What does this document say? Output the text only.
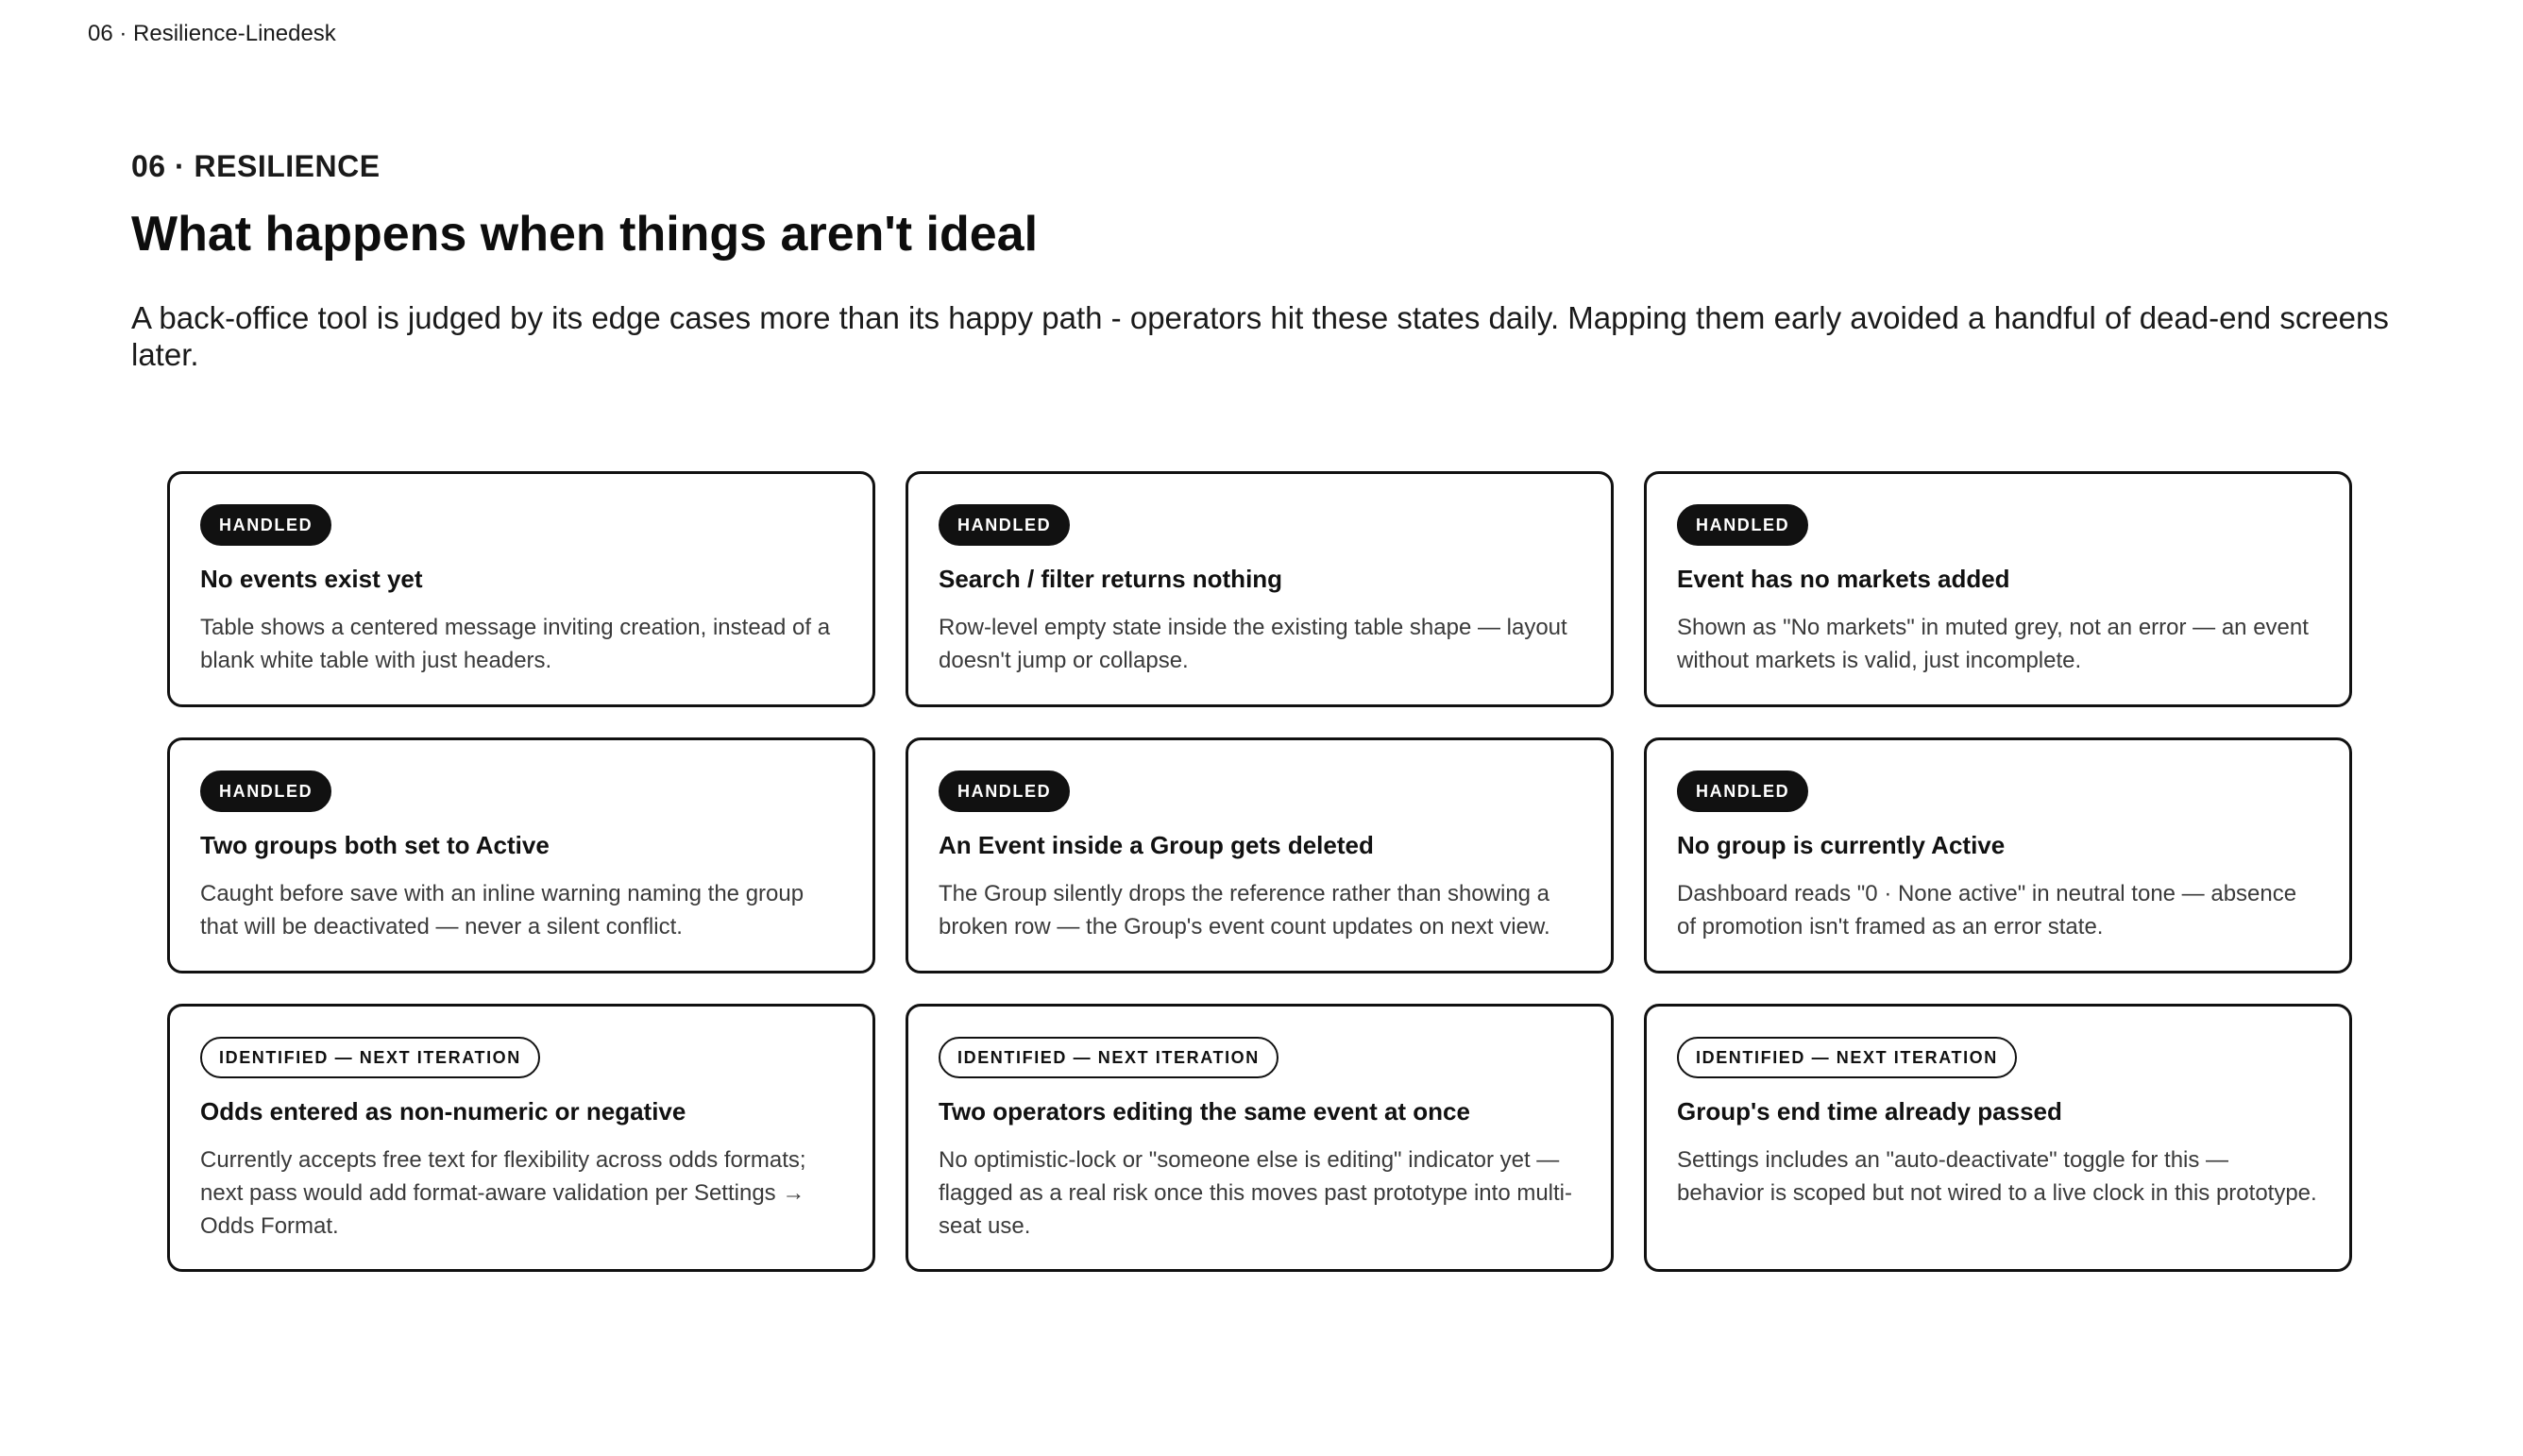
06 · Resilience-Linedesk
06 · RESILIENCE
What happens when things aren't ideal

A back-office tool is judged by its edge cases more than its happy path - operators hit these states daily. Mapping them early avoided a handful of dead-end screens later.

HANDLED
No events exist yet
Table shows a centered message inviting creation, instead of a blank white table with just headers.
HANDLED
Search / filter returns nothing
Row-level empty state inside the existing table shape — layout doesn't jump or collapse.
HANDLED
Event has no markets added
Shown as "No markets" in muted grey, not an error — an event without markets is valid, just incomplete.
HANDLED
Two groups both set to Active
Caught before save with an inline warning naming the group that will be deactivated — never a silent conflict.
HANDLED
An Event inside a Group gets deleted
The Group silently drops the reference rather than showing a broken row — the Group's event count updates on next view.
HANDLED
No group is currently Active
Dashboard reads "0 · None active" in neutral tone — absence of promotion isn't framed as an error state.
IDENTIFIED — NEXT ITERATION
Odds entered as non-numeric or negative
Currently accepts free text for flexibility across odds formats; next pass would add format-aware validation per Settings → Odds Format.
IDENTIFIED — NEXT ITERATION
Two operators editing the same event at once
No optimistic-lock or "someone else is editing" indicator yet — flagged as a real risk once this moves past prototype into multi-seat use.
IDENTIFIED — NEXT ITERATION
Group's end time already passed
Settings includes an "auto-deactivate" toggle for this — behavior is scoped but not wired to a live clock in this prototype.
